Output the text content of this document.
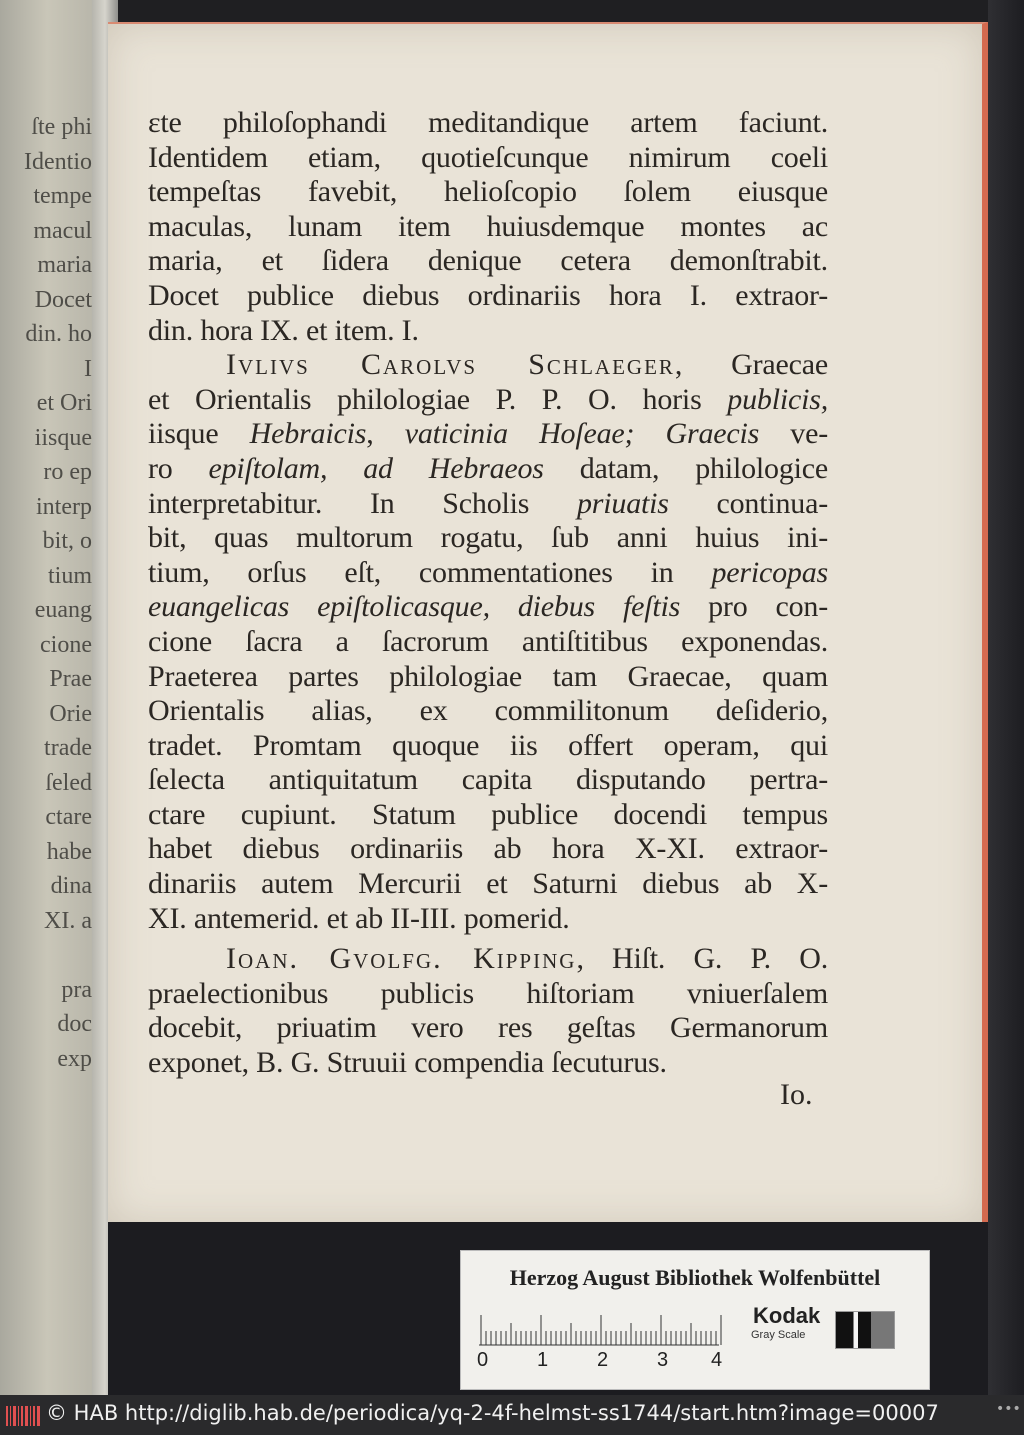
ſte phi
Identio
tempe
macul
maria
Docet
din. ho
I
et Ori
iisque
ro ep
interp
bit, o
tium
euang
cione
Prae
Orie
trade
ſeled
ctare
habe
dina
XI. a
pra
doc
exp
ɛte philoſophandi meditandique artem faciunt.
Identidem etiam, quotieſcunque nimirum coeli
tempeſtas favebit, helioſcopio ſolem eiusque
maculas, lunam item huiusdemque montes ac
maria, et ſidera denique cetera demonſtrabit.
Docet publice diebus ordinariis hora I. extraor-
din. hora IX. et item. I.
Ivlivs Carolvs Schlaeger, Graecae
et Orientalis philologiae P. P. O. horis publicis,
iisque Hebraicis, vaticinia Hoſeae; Graecis ve-
ro epiſtolam, ad Hebraeos datam, philologice
interpretabitur. In Scholis priuatis continua-
bit, quas multorum rogatu, ſub anni huius ini-
tium, orſus eſt, commentationes in pericopas
euangelicas epiſtolicasque, diebus feſtis pro con-
cione ſacra a ſacrorum antiſtitibus exponendas.
Praeterea partes philologiae tam Graecae, quam
Orientalis alias, ex commilitonum deſiderio,
tradet. Promtam quoque iis offert operam, qui
ſelecta antiquitatum capita disputando pertra-
ctare cupiunt. Statum publice docendi tempus
habet diebus ordinariis ab hora X-XI. extraor-
dinariis autem Mercurii et Saturni diebus ab X-
XI. antemerid. et ab II-III. pomerid.
Ioan. Gvolfg. Kipping, Hiſt. G. P. O.
praelectionibus publicis hiſtoriam vniuerſalem
docebit, priuatim vero res geſtas Germanorum
exponet, B. G. Struuii compendia ſecuturus.
Io.
Herzog August Bibliothek Wolfenbüttel
0 1 2 3 4
Kodak
Gray Scale
© HAB http://diglib.hab.de/periodica/yq-2-4f-helmst-ss1744/start.htm?image=00007	•••
